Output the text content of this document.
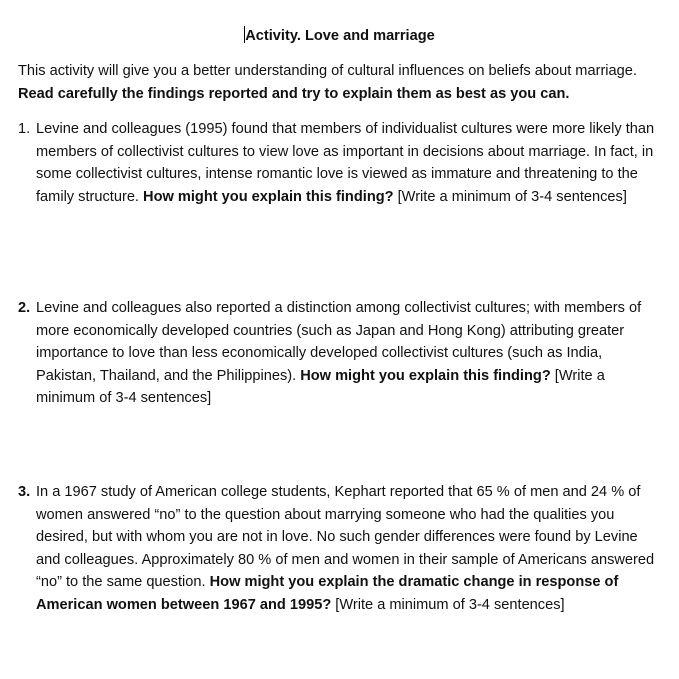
Activity. Love and marriage
This activity will give you a better understanding of cultural influences on beliefs about marriage. Read carefully the findings reported and try to explain them as best as you can.
1. Levine and colleagues (1995) found that members of individualist cultures were more likely than members of collectivist cultures to view love as important in decisions about marriage. In fact, in some collectivist cultures, intense romantic love is viewed as immature and threatening to the family structure. How might you explain this finding? [Write a minimum of 3-4 sentences]
2. Levine and colleagues also reported a distinction among collectivist cultures; with members of more economically developed countries (such as Japan and Hong Kong) attributing greater importance to love than less economically developed collectivist cultures (such as India, Pakistan, Thailand, and the Philippines). How might you explain this finding? [Write a minimum of 3-4 sentences]
3. In a 1967 study of American college students, Kephart reported that 65 % of men and 24 % of women answered “no” to the question about marrying someone who had the qualities you desired, but with whom you are not in love. No such gender differences were found by Levine and colleagues. Approximately 80 % of men and women in their sample of Americans answered “no” to the same question. How might you explain the dramatic change in response of American women between 1967 and 1995? [Write a minimum of 3-4 sentences]
